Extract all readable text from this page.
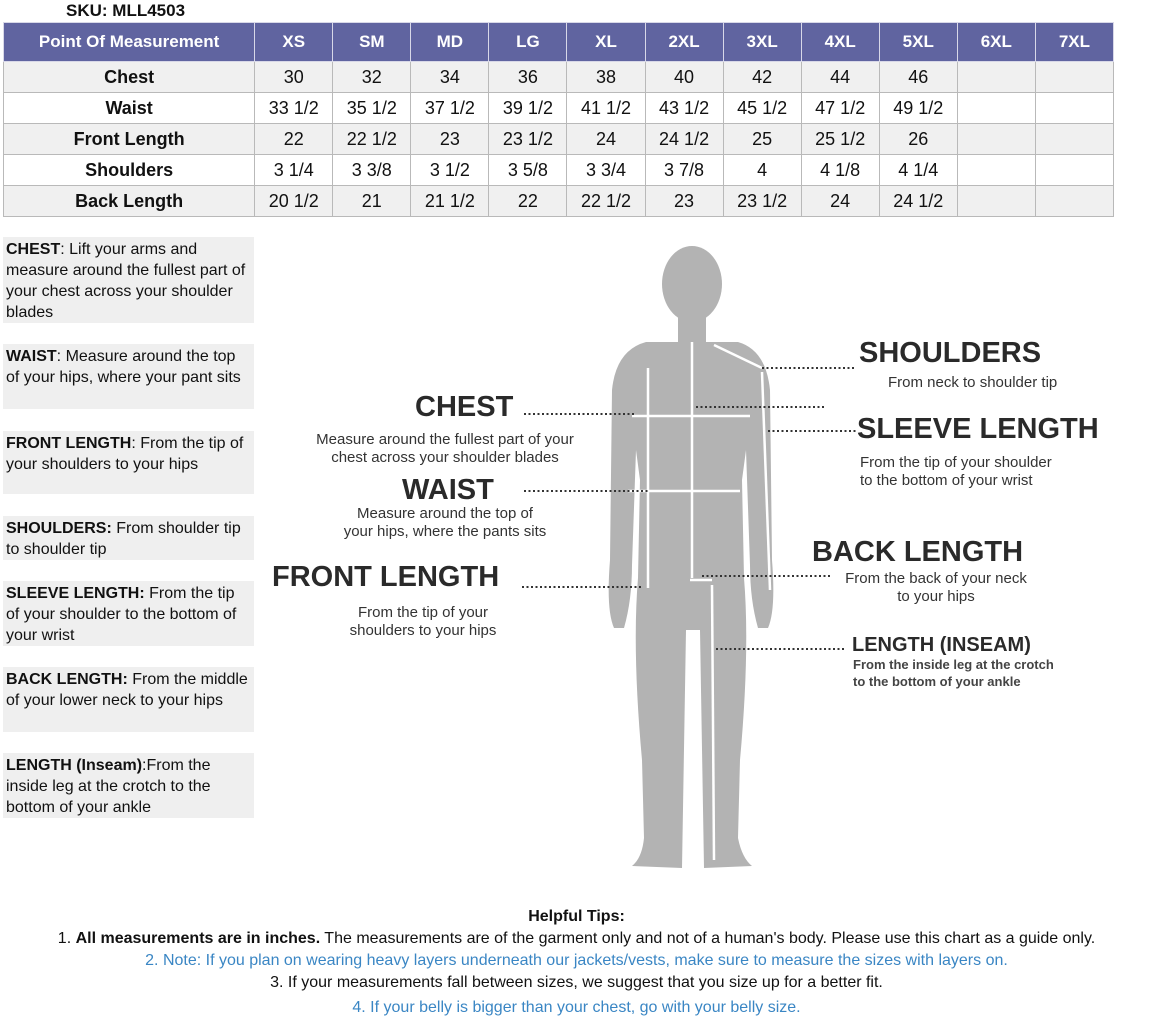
SKU: MLL4503
Point Of Measurement	XS	SM	MD	LG	XL	2XL	3XL	4XL	5XL	6XL	7XL
Chest	30	32	34	36	38	40	42	44	46		
Waist	33 1/2	35 1/2	37 1/2	39 1/2	41 1/2	43 1/2	45 1/2	47 1/2	49 1/2		
Front Length	22	22 1/2	23	23 1/2	24	24 1/2	25	25 1/2	26		
Shoulders	3 1/4	3 3/8	3 1/2	3 5/8	3 3/4	3 7/8	4	4 1/8	4 1/4		
Back Length	20 1/2	21	21 1/2	22	22 1/2	23	23 1/2	24	24 1/2		
CHEST: Lift your arms and measure around the fullest part of your chest across your shoulder blades
WAIST: Measure around the top of your hips, where your pant sits
FRONT LENGTH: From the tip of your shoulders to your hips
SHOULDERS: From shoulder tip to shoulder tip
SLEEVE LENGTH: From the tip of your shoulder to the bottom of your wrist
BACK LENGTH: From the middle of your lower neck to your hips
LENGTH (Inseam):From the inside leg at the crotch to the bottom of your ankle
CHEST
Measure around the fullest part of your
chest across your shoulder blades
WAIST
Measure around the top of
your hips, where the pants sits
FRONT LENGTH
From the tip of your
shoulders to your hips
SHOULDERS
From neck to shoulder tip
SLEEVE LENGTH
From the tip of your shoulder
to the bottom of your wrist
BACK LENGTH
From the back of your neck
to your hips
LENGTH (INSEAM)
From the inside leg at the crotch
to the bottom of your ankle
Helpful Tips:
1. All measurements are in inches. The measurements are of the garment only and not of a human's body. Please use this chart as a guide only.
2. Note: If you plan on wearing heavy layers underneath our jackets/vests, make sure to measure the sizes with layers on.
3. If your measurements fall between sizes, we suggest that you size up for a better fit.
4. If your belly is bigger than your chest, go with your belly size.
